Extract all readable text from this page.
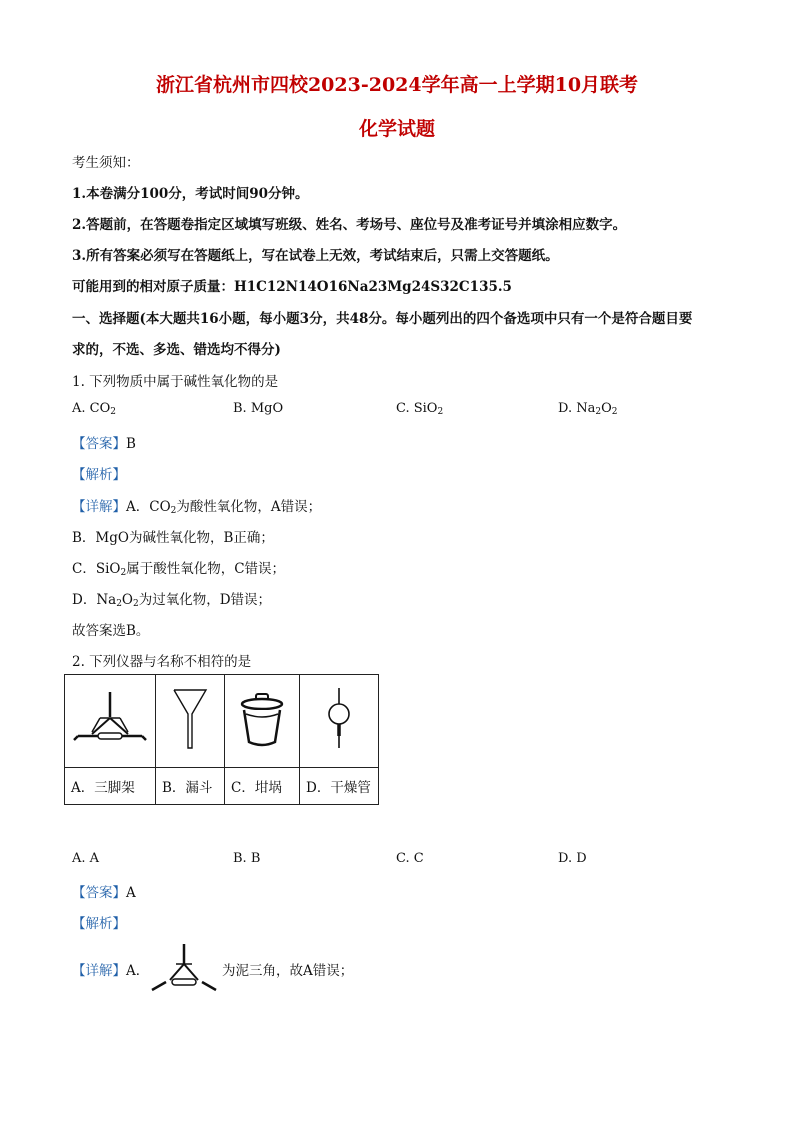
浙江省杭州市四校2023-2024学年高一上学期10月联考
化学试题
考生须知：
1.本卷满分100分，考试时间90分钟。
2.答题前，在答题卷指定区域填写班级、姓名、考场号、座位号及准考证号并填涂相应数字。
3.所有答案必须写在答题纸上，写在试卷上无效，考试结束后，只需上交答题纸。
可能用到的相对原子质量：H1C12N14O16Na23Mg24S32C135.5
一、选择题(本大题共16小题，每小题3分，共48分。每小题列出的四个备选项中只有一个是符合题目要
求的，不选、多选、错选均不得分)
1. 下列物质中属于碱性氧化物的是
A. $CO_2$	B. MgO	C. SiO$_2$	D. $Na_2O_2$
【答案】B
【解析】
【详解】A．$CO_2$为酸性氧化物，A错误；
B．MgO为碱性氧化物，B正确；
C．SiO$_2$属于酸性氧化物，C错误；
D．$Na_2O_2$为过氧化物，D错误；
故答案选B。
2. 下列仪器与名称不相符的是

A．三脚架	B．漏斗	C．坩埚	D．干燥管
A. A	B. B	C. C	D. D
【答案】A
【解析】
【详解】A．	为泥三角，故A错误；
